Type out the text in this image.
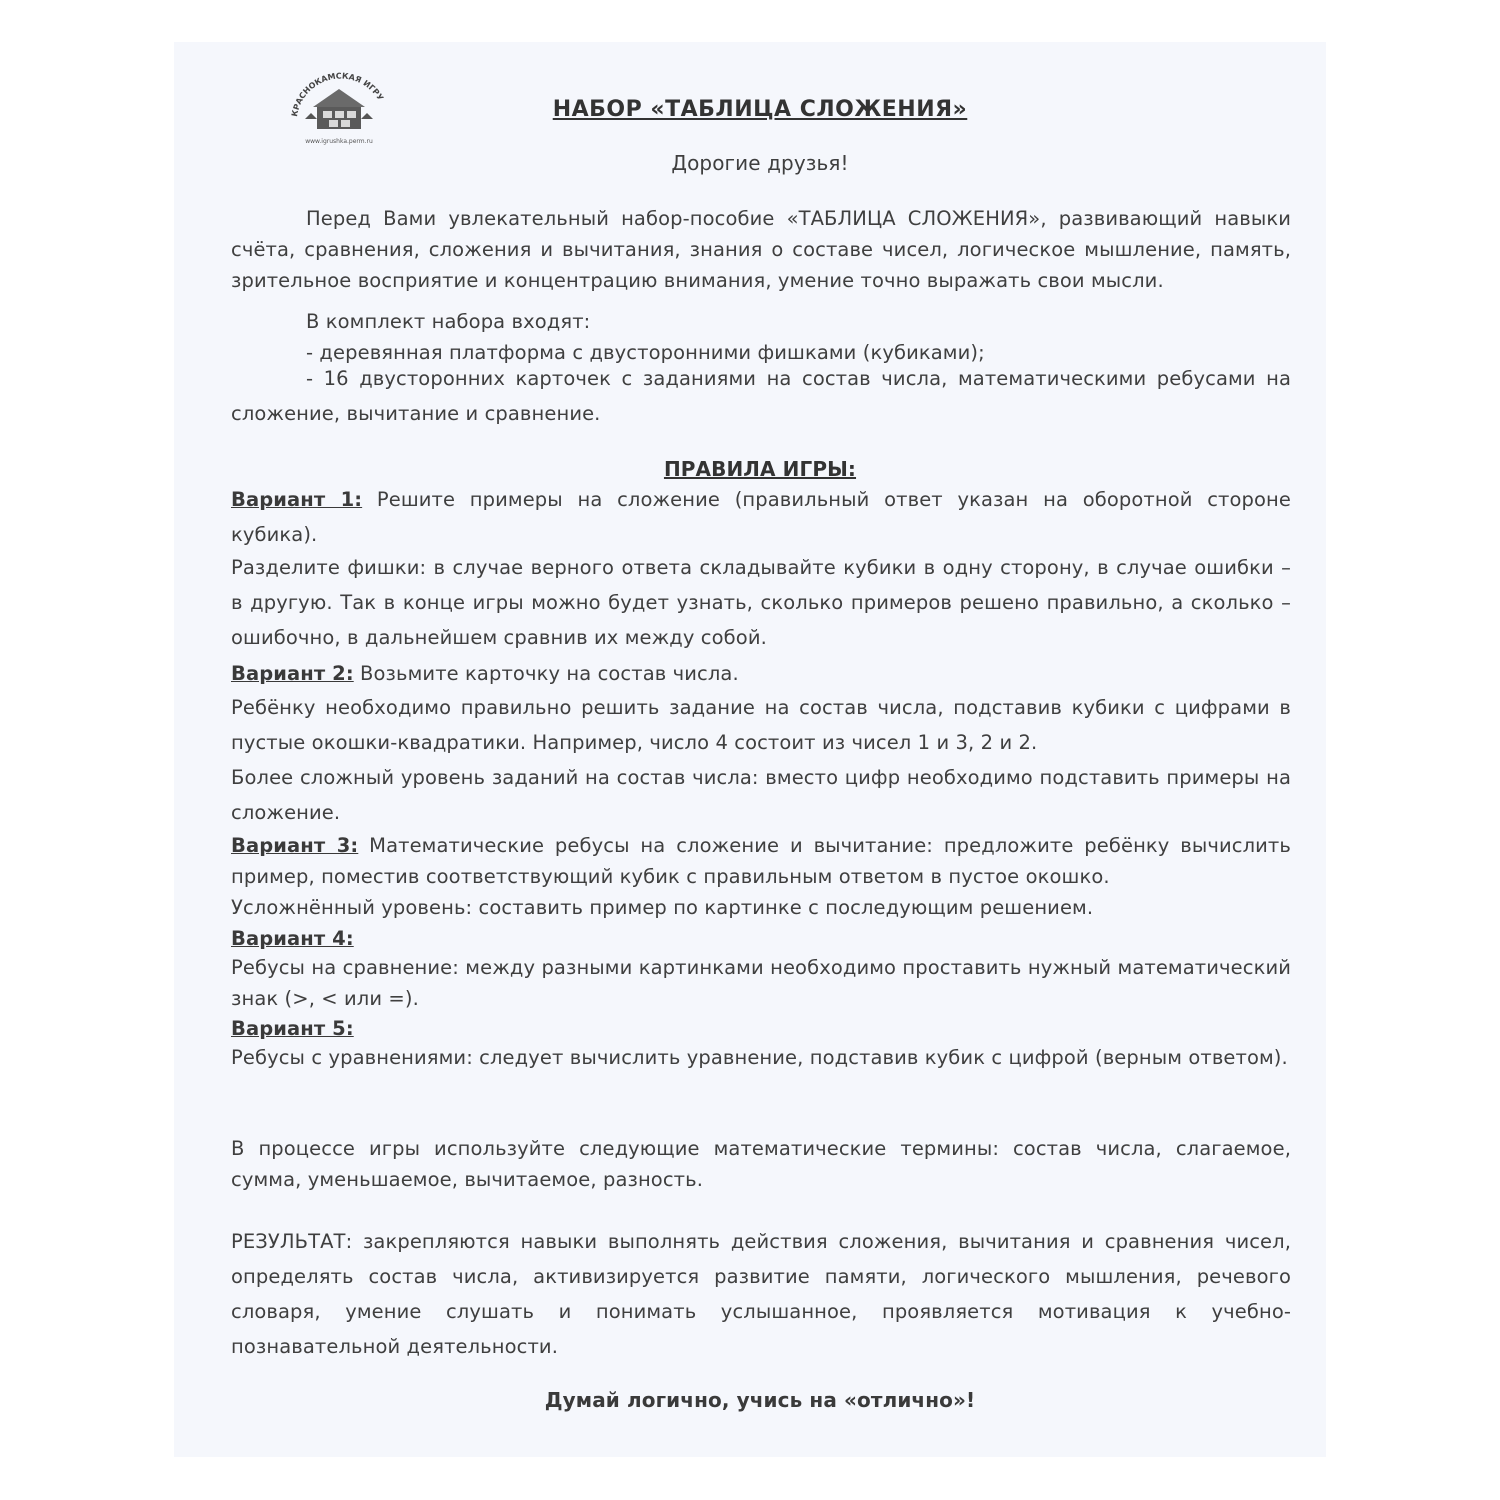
КРАСНОКАМСКАЯ ИГРУ
www.igrushka.perm.ru
НАБОР «ТАБЛИЦА СЛОЖЕНИЯ»
Дорогие друзья!
Перед Вами увлекательный набор-пособие «ТАБЛИЦА СЛОЖЕНИЯ», развивающий навыки счёта, сравнения, сложения и вычитания, знания о составе чисел, логическое мышление, память, зрительное восприятие и концентрацию внимания, умение точно выражать свои мысли.
В комплект набора входят:
- деревянная платформа с двусторонними фишками (кубиками);
- 16 двусторонних карточек с заданиями на состав числа, математическими ребусами на сложение, вычитание и сравнение.
ПРАВИЛА ИГРЫ:
Вариант 1: Решите примеры на сложение (правильный ответ указан на оборотной стороне кубика).
Разделите фишки: в случае верного ответа складывайте кубики в одну сторону, в случае ошибки – в другую. Так в конце игры можно будет узнать, сколько примеров решено правильно, а сколько – ошибочно, в дальнейшем сравнив их между собой.
Вариант 2: Возьмите карточку на состав числа.
Ребёнку необходимо правильно решить задание на состав числа, подставив кубики с цифрами в пустые окошки-квадратики. Например, число 4 состоит из чисел 1 и 3, 2 и 2.
Более сложный уровень заданий на состав числа: вместо цифр необходимо подставить примеры на сложение.
Вариант 3: Математические ребусы на сложение и вычитание: предложите ребёнку вычислить пример, поместив соответствующий кубик с правильным ответом в пустое окошко.
Усложнённый уровень: составить пример по картинке с последующим решением.
Вариант 4:
Ребусы на сравнение: между разными картинками необходимо проставить нужный математический знак (>, < или =).
Вариант 5:
Ребусы с уравнениями: следует вычислить уравнение, подставив кубик с цифрой (верным ответом).
В процессе игры используйте следующие математические термины: состав числа, слагаемое, сумма, уменьшаемое, вычитаемое, разность.
РЕЗУЛЬТАТ: закрепляются навыки выполнять действия сложения, вычитания и сравнения чисел, определять состав числа, активизируется развитие памяти, логического мышления, речевого словаря, умение слушать и понимать услышанное, проявляется мотивация к учебно-познавательной деятельности.
Думай логично, учись на «отлично»!
